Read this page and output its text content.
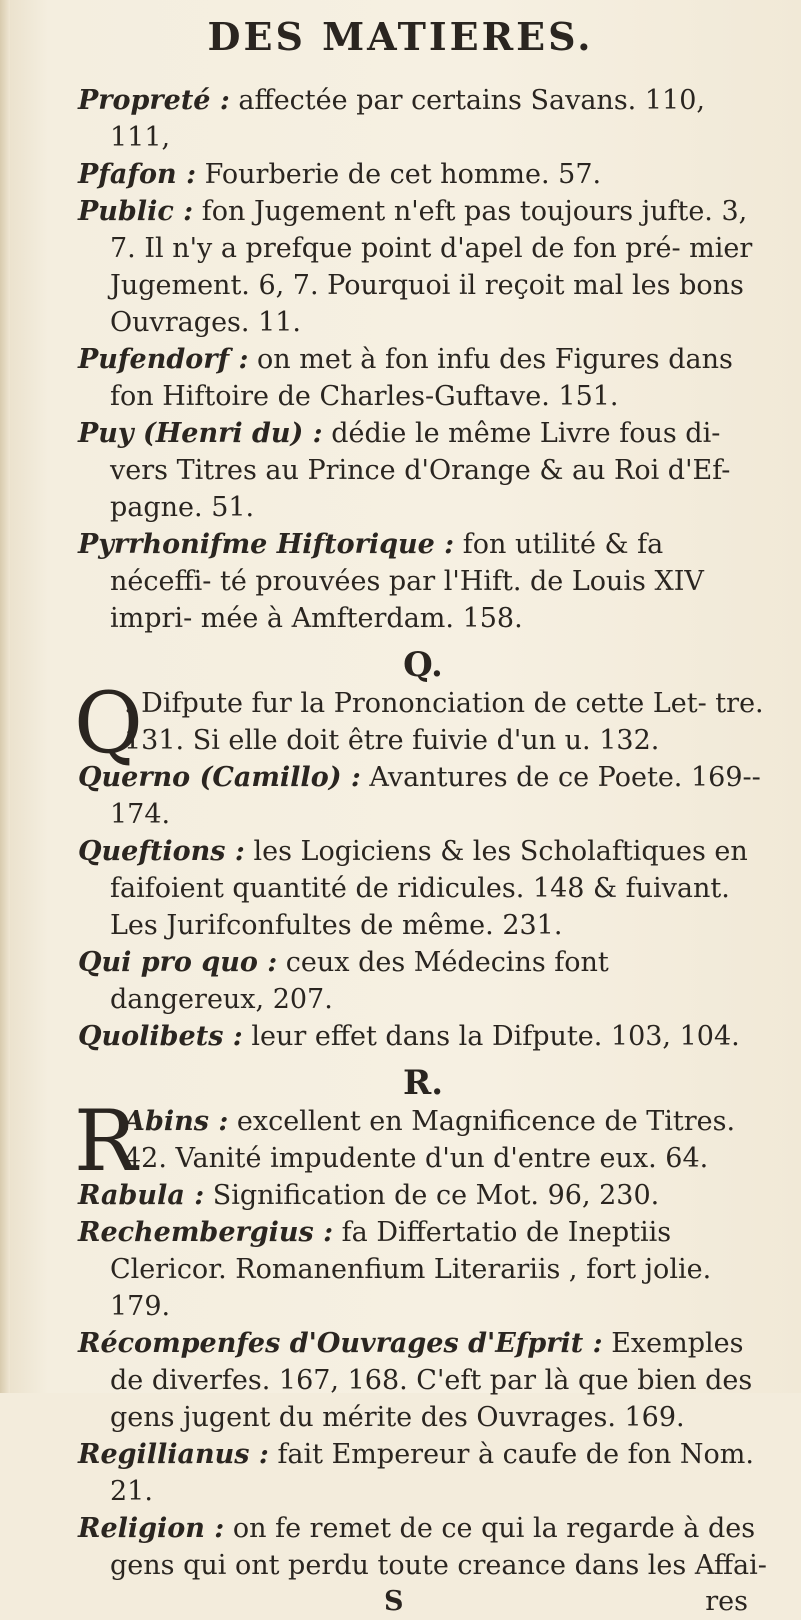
DES MATIERES.

Propreté : affectée par certains Savans. 110, 111,

Pfafon : Fourberie de cet homme. 57.

Public : fon Jugement n'eft pas toujours jufte. 3, 7. Il n'y a prefque point d'apel de fon pré- mier Jugement. 6, 7. Pourquoi il reçoit mal les bons Ouvrages. 11.

Pufendorf : on met à fon infu des Figures dans fon Hiftoire de Charles-Guftave. 151.

Puy (Henri du) : dédie le même Livre fous di- vers Titres au Prince d'Orange & au Roi d'Ef- pagne. 51.

Pyrrhonifme Hiftorique : fon utilité & fa néceffi- té prouvées par l'Hift. de Louis XIV impri- mée à Amfterdam. 158.

Q.
Q

. Difpute fur la Prononciation de cette Let- tre. 131. Si elle doit être fuivie d'un u. 132.

Querno (Camillo) : Avantures de ce Poete. 169-- 174.

Queftions : les Logiciens & les Scholaftiques en faifoient quantité de ridicules. 148 & fuivant. Les Jurifconfultes de même. 231.

Qui pro quo : ceux des Médecins font dangereux, 207.

Quolibets : leur effet dans la Difpute. 103, 104.

R.
R

Abins : excellent en Magnificence de Titres. 42. Vanité impudente d'un d'entre eux. 64.

Rabula : Signification de ce Mot. 96, 230.

Rechembergius : fa Differtatio de Ineptiis Clericor. Romanenfium Literariis , fort jolie. 179.

Récompenfes d'Ouvrages d'Efprit : Exemples de diverfes. 167, 168. C'eft par là que bien des gens jugent du mérite des Ouvrages. 169.

Regillianus : fait Empereur à caufe de fon Nom. 21.

Religion : on fe remet de ce qui la regarde à des gens qui ont perdu toute creance dans les Affai-

S	res
